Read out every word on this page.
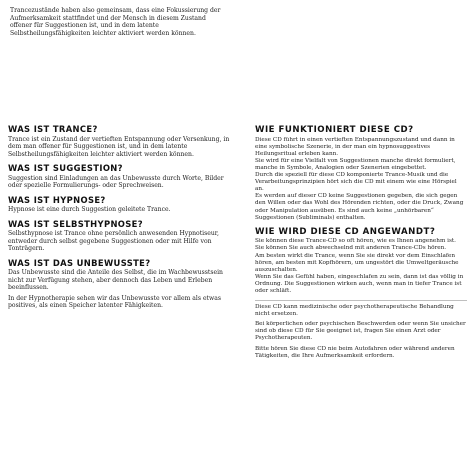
Trancezustände haben also gemeinsam, dass eine Fokussierung der Aufmerksamkeit stattfindet und der Mensch in diesem Zustand offener für Suggestionen ist, und in dem latente Selbstheilungsfähigkeiten leichter aktiviert werden können.
WAS IST TRANCE?

Trance ist ein Zustand der vertieften Entspannung oder Versenkung, in dem man offener für Suggestionen ist, und in dem latente Selbstheilungsfähigkeiten leichter aktiviert werden können.

WAS IST SUGGESTION?

Suggestion sind Einladungen an das Unbewusste durch Worte, Bilder oder spezielle Formulierungs- oder Sprechweisen.

WAS IST HYPNOSE?

Hypnose ist eine durch Suggestion geleitete Trance.

WAS IST SELBSTHYPNOSE?

Selbsthypnose ist Trance ohne persönlich anwesenden Hypnotiseur, entweder durch selbst gegebene Suggestionen oder mit Hilfe von Tonträgern.

WAS IST DAS UNBEWUSSTE?

Das Unbewusste sind die Anteile des Selbst, die im Wachbewusstsein nicht zur Verfügung stehen, aber dennoch das Leben und Erleben beeinflussen.

In der Hypnotherapie sehen wir das Unbewusste vor allem als etwas positives, als einen Speicher latenter Fähigkeiten.

WIE FUNKTIONIERT DIESE CD?

Diese CD führt in einen vertieften Entspannungszustand und dann in eine symbolische Szenerie, in der man ein hypnosuggestives Heilungsritual erleben kann.

Sie wird für eine Vielfalt von Suggestionen manche direkt formuliert, manche in Symbole, Analogien oder Szenerien eingebettet.

Durch die speziell für diese CD komponierte Trance-Musik und die Verarbeitungsprinzipien hört sich die CD mit einem wie eine Hörspiel an.

Es werden auf dieser CD keine Suggestionen gegeben, die sich gegen den Willen oder das Wohl des Hörenden richten, oder die Druck, Zwang oder Manipulation ausüben. Es sind auch keine „unhörbaren“ Suggestionen (Subliminals) enthalten.

WIE WIRD DIESE CD ANGEWANDT?

Sie können diese Trance-CD so oft hören, wie es Ihnen angenehm ist.

Sie können Sie auch abwechselnd mit anderen Trance-CDs hören.

Am besten wirkt die Trance, wenn Sie sie direkt vor dem Einschlafen hören, am besten mit Kopfhörern, um ungestört die Umweltgeräusche auszuschalten.

Wenn Sie das Gefühl haben, eingeschlafen zu sein, dann ist das völlig in Ordnung. Die Suggestionen wirken auch, wenn man in tiefer Trance ist oder schläft.

Diese CD kann medizinische oder psychotherapeutische Behandlung nicht ersetzen.

Bei körperlichen oder psychischen Beschwerden oder wenn Sie unsicher sind ob diese CD für Sie geeignet ist, fragen Sie einen Arzt oder Psychotherapeuten.

Bitte hören Sie diese CD nie beim Autofahren oder während anderen Tätigkeiten, die Ihre Aufmerksamkeit erfordern.
